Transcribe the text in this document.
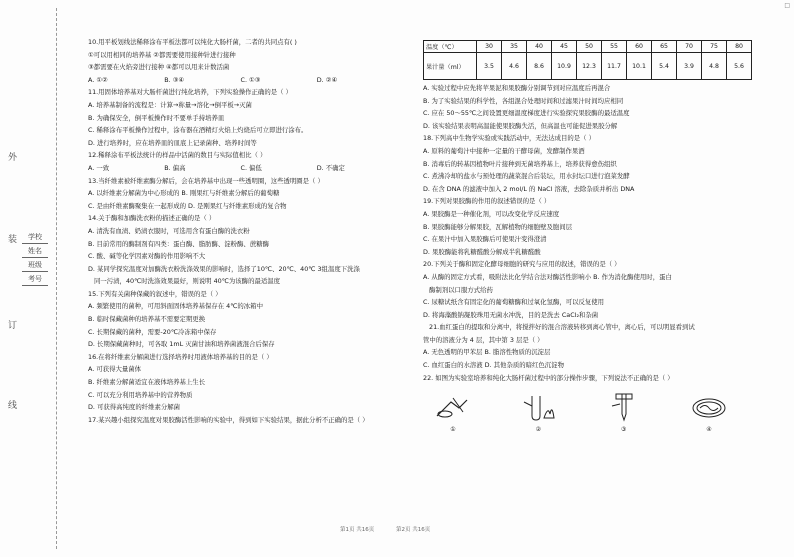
□
外
装
订
线
学校
姓名
班级
考号
10.用平板划线法稀释涂布平板法都可以纯化大肠杆菌，二者的共同点有( )
①可以用相同的培养基 ②都需要使用接种针进行接种
③都需要在火焰旁进行接种 ④都可以用来计数活菌
A. ①②	B. ③④	C. ①③	D. ②④
11.用固体培养基对大肠杆菌进行纯化培养，下列实验操作正确的是（ ）
A. 培养基制备的流程是：计算→称量→溶化→倒平板→灭菌
B. 为确保安全，倒平板操作时不要单手持培养皿
C. 稀释涂布平板操作过程中，涂布器在酒精灯火焰上灼烧后可立即进行涂布。
D. 进行培养时，应在培养皿的皿底上记录菌种、培养时间等
12.稀释涂布平板法统计的样品中活菌的数目与实际值相比（ ）
A. 一致	B. 偏高	C. 偏低	D. 不确定
13.当纤维素被纤维素酶分解后，会在培养基中出现一些透明圈，这些透明圈是（ ）
A. 以纤维素分解菌为中心形成的 B. 刚果红与纤维素分解后的葡萄糖
C. 是由纤维素酶聚集在一起形成的 D. 是刚果红与纤维素形成的复合物
14.关于酶和加酶洗衣粉的描述正确的是（ ）
A. 清洗有血渍、奶渍衣服时，可选用含有蛋白酶的洗衣粉
B. 目前常用的酶制剂有四类：蛋白酶、脂肪酶、淀粉酶、蔗糖酶
C. 酸、碱等化学因素对酶的作用影响不大
D. 某同学探究温度对加酶洗衣粉洗涤效果的影响时，选择了10℃、20℃、40℃ 3组温度下洗涤
同一污渍，40℃时洗涤效果最好，则说明 40℃为该酶的最适温度
15.下列有关菌种保藏的叙述中，错误的是（ ）
A. 频繁使用的菌种，可用斜面固体培养基保存在 4℃的冰箱中
B. 临时保藏菌种的培养基不需要定期更换
C. 长期保藏的菌种，需要-20℃冷冻箱中保存
D. 长期保藏菌种时，可各取 1mL 灭菌甘油和培养菌液混合后保存
16.在将纤维素分解菌进行选择培养时用液体培养基的目的是（ ）
A. 可获得大量菌体
B. 纤维素分解菌适宜在液体培养基上生长
C. 可以充分利用培养基中的营养物质
D. 可获得高纯度的纤维素分解菌
17.某兴趣小组探究温度对果胶酶活性影响的实验中，得到如下实验结果，据此分析不正确的是（ ）
温度（℃）	30	35	40	45	50	55	60	65	70	75	80
果汁量（ml）	3.5	4.6	8.6	10.9	12.3	11.7	10.1	5.4	3.9	4.8	5.6
A. 实验过程中应先将苹果泥和果胶酶分别调节到对应温度后再混合
B. 为了实验结果的科学性，各组混合处理时间和过滤果汁时间均应相同
C. 应在 50～55℃之间设置更细温度梯度进行实验探究果胶酶的最适温度
D. 该实验结果表明高温能使果胶酶失活，但高温也可能促进果胶分解
18.下列高中生物学实验或实践活动中，无法达成目的是（ ）
A. 原料的葡萄汁中接种一定量的干酵母菌，发酵制作果酒
B. 消毒后的转基因植物叶片接种到无菌培养基上，培养获得愈伤组织
C. 煮沸冷却的盐水与预处理的蔬菜混合后装坛，用水封坛口进行泡菜发酵
D. 在含 DNA 的滤液中加入 2 mol/L 的 NaCl 溶液，去除杂质并析出 DNA
19.下列对果胶酶的作用的叙述错误的是（ ）
A. 果胶酶是一种催化剂，可以改变化学反应速度
B. 果胶酶能够分解果胶，瓦解植物的细胞壁及胞间层
C. 在果汁中加入果胶酶后可使果汁变得澄清
D. 果胶酶能将乳糖醛酸分解成半乳糖醛酸
20.下列关于酶和固定化酵母细胞的研究与应用的叙述，错误的是（ ）
A. 从酶的固定方式看，吸附法比化学结合法对酶活性影响小 B. 作为消化酶使用时，蛋白
酶制剂以口服方式给药
C. 尿糖试纸含有固定化的葡萄糖酶和过氧化氢酶，可以反复使用
D. 将海藻酸钠凝胶珠用无菌水冲洗，目的是洗去 CaCl₂和杂菌
21.血红蛋白的提取和分离中，将搅拌好的混合溶液转移到离心管中，离心后，可以明显看到试
管中的溶液分为 4 层，其中第 3 层是（ ）
A. 无色透明的甲苯层 B. 脂溶性物质的沉淀层
C. 血红蛋白的水溶液 D. 其他杂质的暗红色沉淀物
22. 如图为实验室培养和纯化大肠杆菌过程中的部分操作步骤，下列说法不正确的是（ ）
①	②	③	④
第1页 共16页	第2页 共16页
